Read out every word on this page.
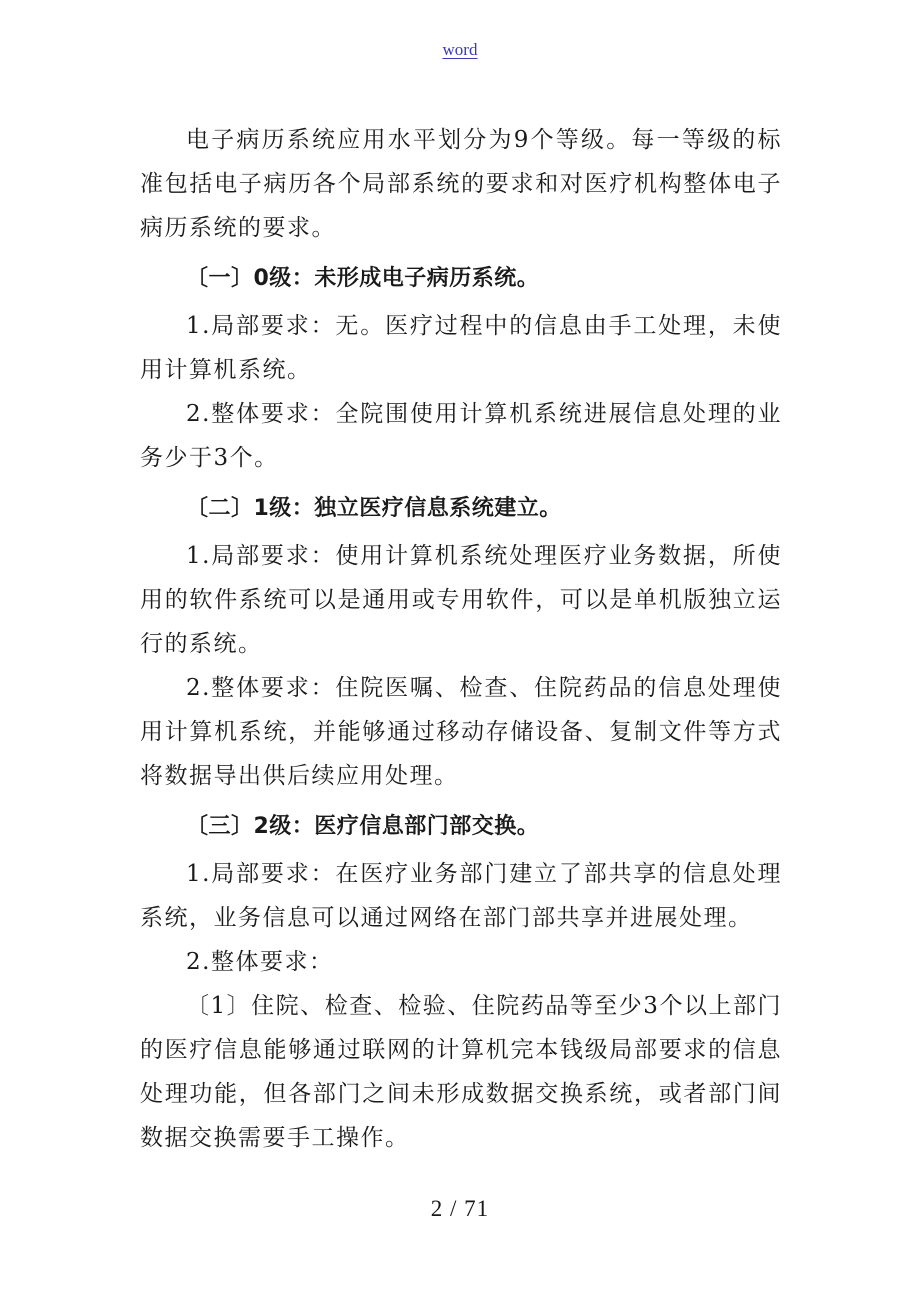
word

电子病历系统应用水平划分为9个等级。每一等级的标准包括电子病历各个局部系统的要求和对医疗机构整体电子病历系统的要求。

〔一〕0级：未形成电子病历系统。

1.局部要求：无。医疗过程中的信息由手工处理，未使用计算机系统。

2.整体要求：全院围使用计算机系统进展信息处理的业务少于3个。

〔二〕1级：独立医疗信息系统建立。

1.局部要求：使用计算机系统处理医疗业务数据，所使用的软件系统可以是通用或专用软件，可以是单机版独立运行的系统。

2.整体要求：住院医嘱、检查、住院药品的信息处理使用计算机系统，并能够通过移动存储设备、复制文件等方式将数据导出供后续应用处理。

〔三〕2级：医疗信息部门部交换。

1.局部要求：在医疗业务部门建立了部共享的信息处理系统，业务信息可以通过网络在部门部共享并进展处理。

2.整体要求：

〔1〕住院、检查、检验、住院药品等至少3个以上部门的医疗信息能够通过联网的计算机完本钱级局部要求的信息处理功能，但各部门之间未形成数据交换系统，或者部门间数据交换需要手工操作。

2 / 71
